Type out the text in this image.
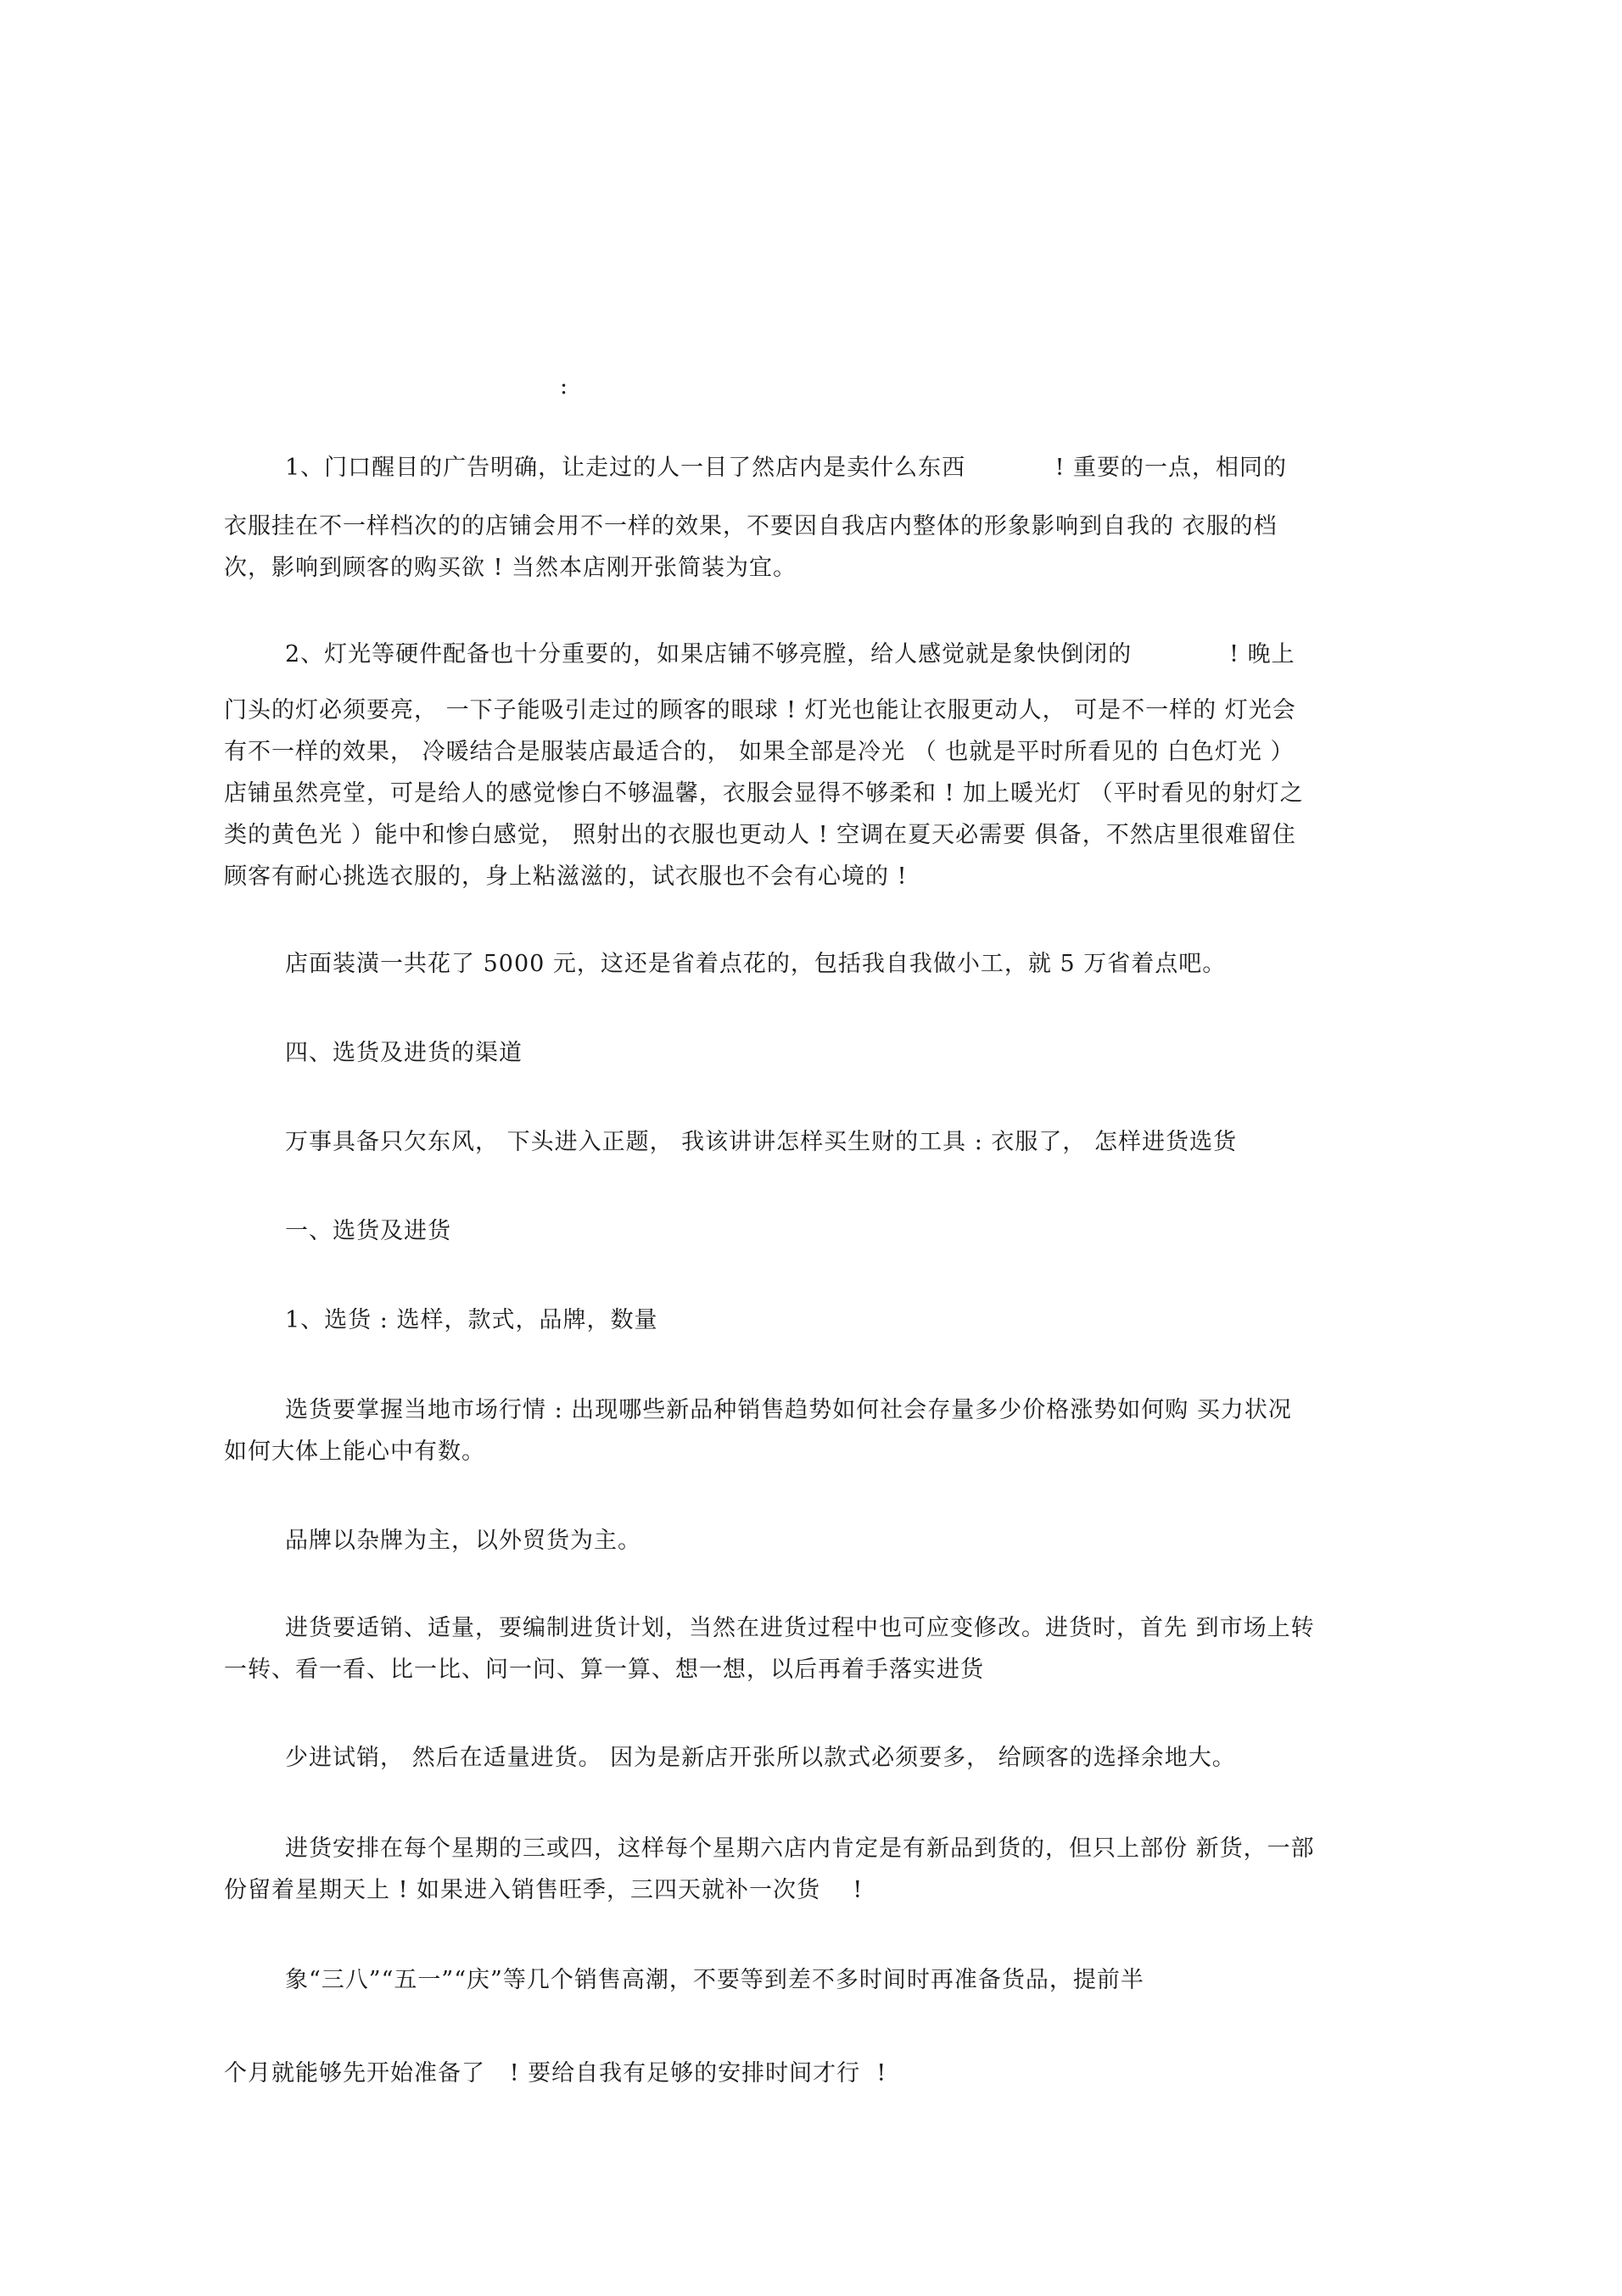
:
1、门口醒目的广告明确，让走过的人一目了然店内是卖什么东西           ! 重要的一点，相同的
衣服挂在不一样档次的的店铺会用不一样的效果，不要因自我店内整体的形象影响到自我的 衣服的档
次，影响到顾客的购买欲 ! 当然本店刚开张简装为宜。
2、灯光等硬件配备也十分重要的，如果店铺不够亮膛，给人感觉就是象快倒闭的            ! 晚上
门头的灯必须要亮， 一下子能吸引走过的顾客的眼球 ! 灯光也能让衣服更动人， 可是不一样的 灯光会
有不一样的效果， 冷暖结合是服装店最适合的， 如果全部是冷光 （ 也就是平时所看见的 白色灯光 ）
店铺虽然亮堂，可是给人的感觉惨白不够温馨，衣服会显得不够柔和 ! 加上暖光灯 （平时看见的射灯之
类的黄色光 ）能中和惨白感觉， 照射出的衣服也更动人 ! 空调在夏天必需要 俱备，不然店里很难留住
顾客有耐心挑选衣服的，身上粘滋滋的，试衣服也不会有心境的 !
店面装潢一共花了 5000 元，这还是省着点花的，包括我自我做小工，就 5 万省着点吧。
四、选货及进货的渠道
万事具备只欠东风， 下头进入正题， 我该讲讲怎样买生财的工具 : 衣服了， 怎样进货选货
一、选货及进货
1、选货 : 选样，款式，品牌，数量
选货要掌握当地市场行情 : 出现哪些新品种销售趋势如何社会存量多少价格涨势如何购 买力状况
如何大体上能心中有数。
品牌以杂牌为主，以外贸货为主。
进货要适销、适量，要编制进货计划，当然在进货过程中也可应变修改。进货时，首先 到市场上转
一转、看一看、比一比、问一问、算一算、想一想，以后再着手落实进货
少进试销， 然后在适量进货。 因为是新店开张所以款式必须要多， 给顾客的选择余地大。
进货安排在每个星期的三或四，这样每个星期六店内肯定是有新品到货的，但只上部份 新货，一部
份留着星期天上 ! 如果进入销售旺季，三四天就补一次货    !
象“三八”“五一”“庆”等几个销售高潮，不要等到差不多时间时再准备货品，提前半
个月就能够先开始准备了   ! 要给自我有足够的安排时间才行  !
